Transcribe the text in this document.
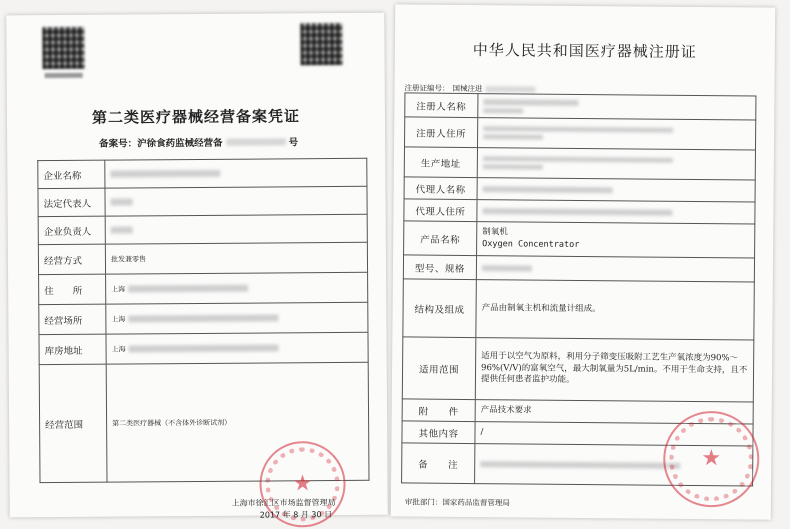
第二类医疗器械经营备案凭证
备案号：沪徐食药监械经营备	号
企业名称	

法定代表人	

企业负责人	

经营方式	批发兼零售
住　　所	上海

经营场所	上海

库房地址	上海

经营范围	第二类医疗器械（不含体外诊断试剂）
★
上海市徐汇区市场监督管理局
2017 年 8 月 30 日
中华人民共和国医疗器械注册证
注册证编号： 国械注进
注册人名称	

注册人住所	

生产地址	

代理人名称	

代理人住所	

产品名称	制氧机
Oxygen Concentrator

型号、规格	

结构及组成	产品由制氧主机和流量计组成。
适用范围	适用于以空气为原料，利用分子筛变压吸附工艺生产氧浓度为90%～96%(V/V)的富氧空气，最大制氧量为5L/min。不用于生命支持，且不提供任何患者监护功能。
附　　件	产品技术要求
其他内容	/
备　　注	
审批部门：国家药品监督管理局
★
